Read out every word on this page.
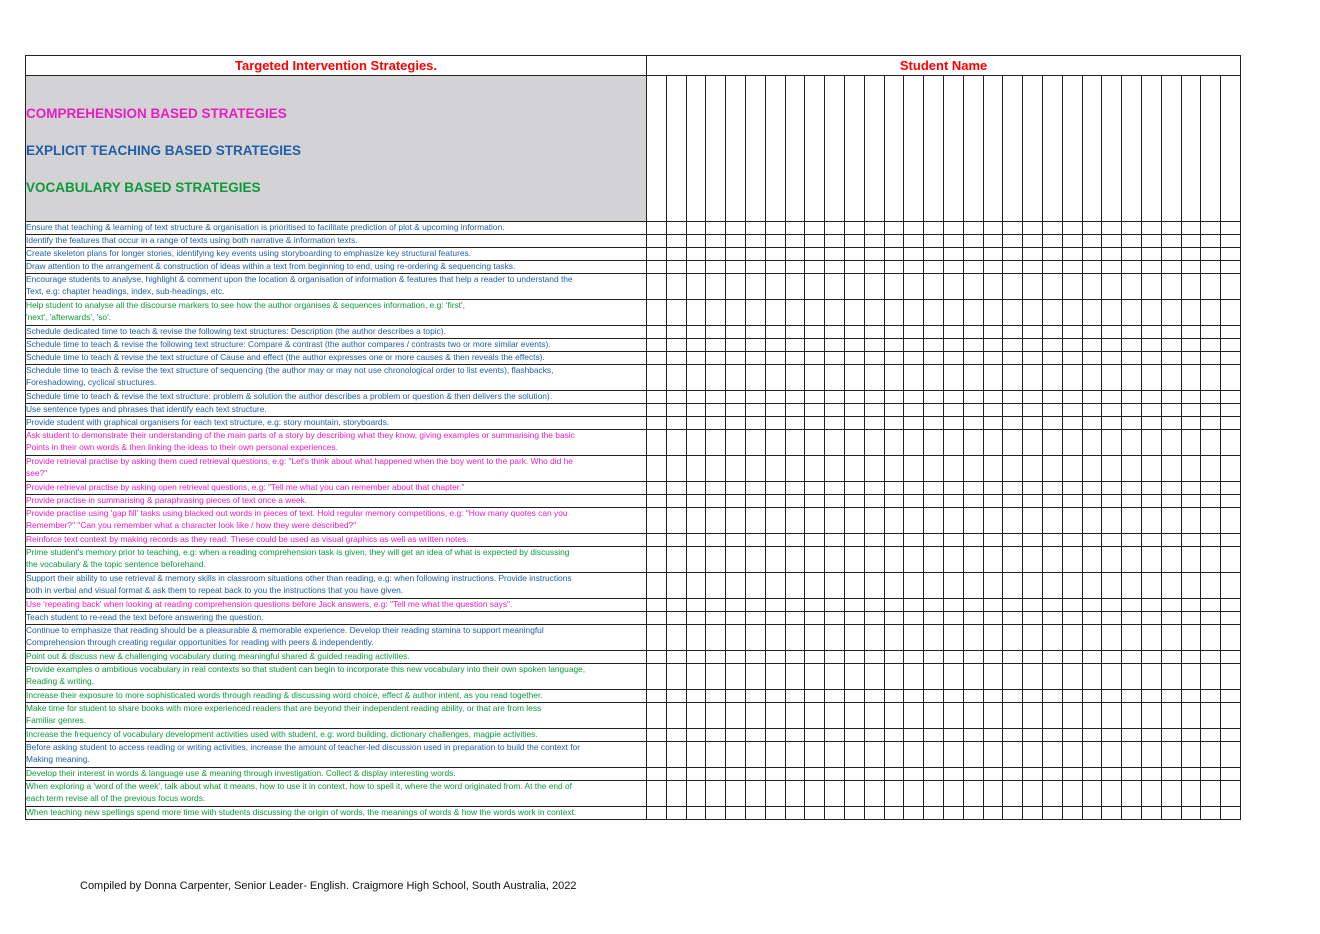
Targeted Intervention Strategies.	Student Name																													

COMPREHENSION BASED STRATEGIES
EXPLICIT TEACHING BASED STRATEGIES
VOCABULARY BASED STRATEGIES																														

Ensure that teaching & learning of text structure & organisation is prioritised to facilitate prediction of plot & upcoming information.																														

Identify the features that occur in a range of texts using both narrative & information texts.																														

Create skeleton plans for longer stories, identifying key events using storyboarding to emphasize key structural features.																														

Draw attention to the arrangement & construction of ideas within a text from beginning to end, using re-ordering & sequencing tasks.																														

Encourage students to analyse, highlight & comment upon the location & organisation of information & features that help a reader to understand the
Text, e.g: chapter headings, index, sub-headings, etc.																														

Help student to analyse all the discourse markers to see how the author organises & sequences information, e.g: 'first',
'next', 'afterwards', 'so'.																														

Schedule dedicated time to teach & revise the following text structures: Description (the author describes a topic).																														

Schedule time to teach & revise the following text structure: Compare & contrast (the author compares / contrasts two or more similar events).																														

Schedule time to teach & revise the text structure of Cause and effect (the author expresses one or more causes & then reveals the effects).																														

Schedule time to teach & revise the text structure of sequencing (the author may or may not use chronological order to list events), flashbacks,
Foreshadowing, cyclical structures.																														

Schedule time to teach & revise the text structure: problem & solution the author describes a problem or question & then delivers the solution).																														

Use sentence types and phrases that identify each text structure.																														

Provide student with graphical organisers for each text structure, e.g: story mountain, storyboards.																														

Ask student to demonstrate their understanding of the main parts of a story by describing what they know, giving examples or summarising the basic
Points in their own words & then linking the ideas to their own personal experiences.																														

Provide retrieval practise by asking them cued retrieval questions, e.g: "Let's think about what happened when the boy went to the park. Who did he
see?"																														

Provide retrieval practise by asking open retrieval questions, e.g: "Tell me what you can remember about that chapter."																														

Provide practise in summarising & paraphrasing pieces of text once a week.																														

Provide practise using 'gap fill' tasks using blacked out words in pieces of text. Hold regular memory competitions, e.g: "How many quotes can you
Remember?" "Can you remember what a character look like / how they were described?"																														

Reinforce text context by making records as they read. These could be used as visual graphics as well as written notes.																														

Prime student's memory prior to teaching, e.g: when a reading comprehension task is given, they will get an idea of what is expected by discussing
the vocabulary & the topic sentence beforehand.																														

Support their ability to use retrieval & memory skills in classroom situations other than reading, e.g: when following instructions. Provide instructions
both in verbal and visual format & ask them to repeat back to you the instructions that you have given.																														

Use 'repeating back' when looking at reading comprehension questions before Jack answers, e.g: "Tell me what the question says".																														

Teach student to re-read the text before answering the question.																														

Continue to emphasize that reading should be a pleasurable & memorable experience. Develop their reading stamina to support meaningful
Comprehension through creating regular opportunities for reading with peers & independently.																														

Point out & discuss new & challenging vocabulary during meaningful shared & guided reading activities.																														

Provide examples o ambitious vocabulary in real contexts so that student can begin to incorporate this new vocabulary into their own spoken language,
Reading & writing.																														

Increase their exposure to more sophisticated words through reading & discussing word choice, effect & author intent, as you read together.																														

Make time for student to share books with more experienced readers that are beyond their independent reading ability, or that are from less
Familiar genres.																														

Increase the frequency of vocabulary development activities used with student, e.g: word building, dictionary challenges, magpie activities.																														

Before asking student to access reading or writing activities, increase the amount of teacher-led discussion used in preparation to build the context for
Making meaning.																														

Develop their interest in words & language use & meaning through investigation. Collect & display interesting words.																														

When exploring a 'word of the week', talk about what it means, how to use it in context, how to spell it, where the word originated from. At the end of
each term revise all of the previous focus words.																														

When teaching new spellings spend more time with students discussing the origin of words, the meanings of words & how the words work in context.																														

Compiled by Donna Carpenter, Senior Leader- English. Craigmore High School, South Australia, 2022
